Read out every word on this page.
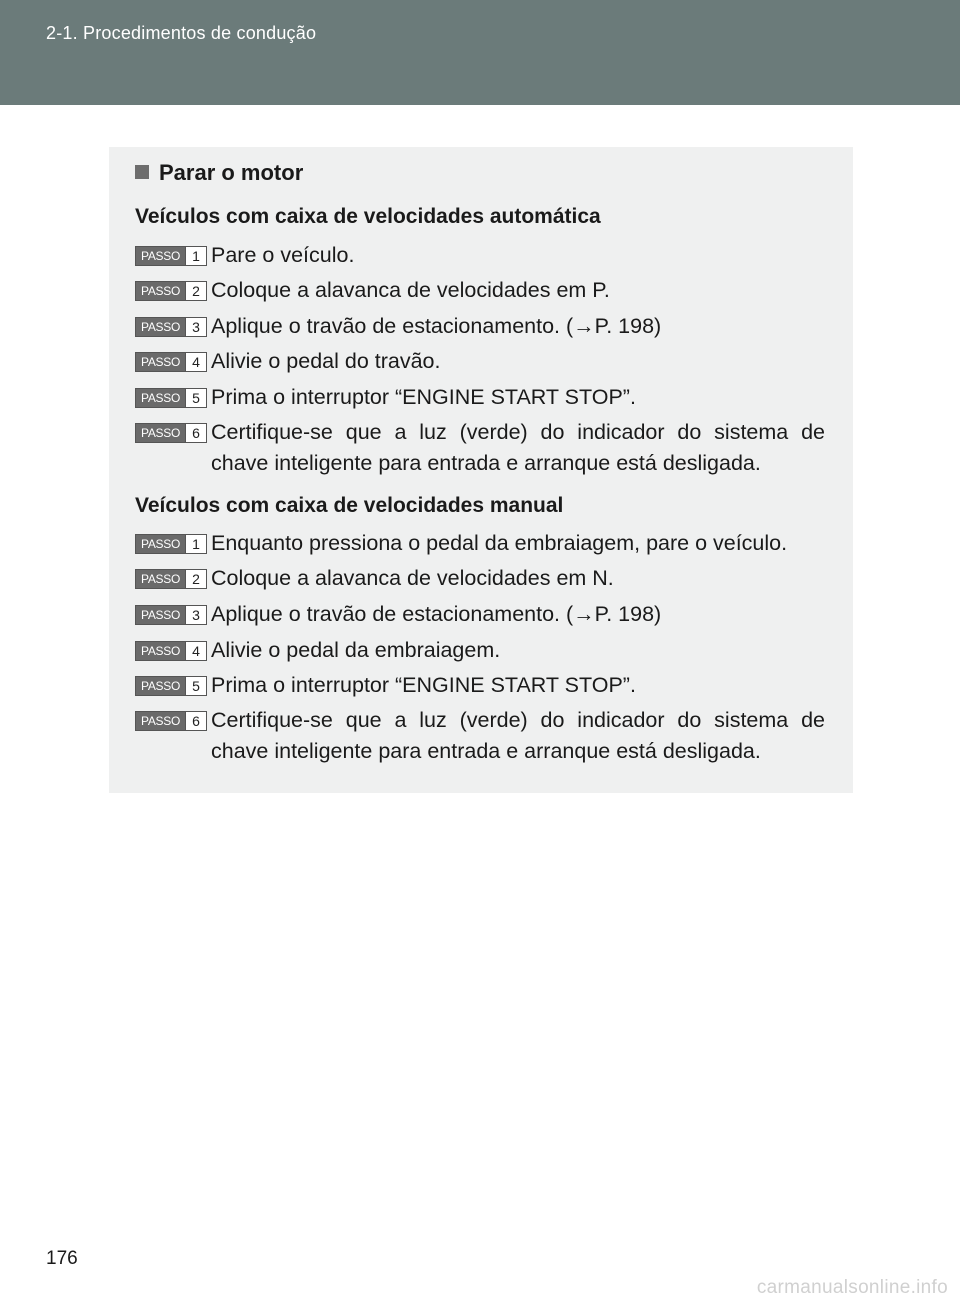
2-1. Procedimentos de condução
Parar o motor
Veículos com caixa de velocidades automática
PASSO 1 Pare o veículo.
PASSO 2 Coloque a alavanca de velocidades em P.
PASSO 3 Aplique o travão de estacionamento. (→P. 198)
PASSO 4 Alivie o pedal do travão.
PASSO 5 Prima o interruptor “ENGINE START STOP”.
PASSO 6 Certifique-se que a luz (verde) do indicador do sistema de chave inteligente para entrada e arranque está desligada.
Veículos com caixa de velocidades manual
PASSO 1 Enquanto pressiona o pedal da embraiagem, pare o veículo.
PASSO 2 Coloque a alavanca de velocidades em N.
PASSO 3 Aplique o travão de estacionamento. (→P. 198)
PASSO 4 Alivie o pedal da embraiagem.
PASSO 5 Prima o interruptor “ENGINE START STOP”.
PASSO 6 Certifique-se que a luz (verde) do indicador do sistema de chave inteligente para entrada e arranque está desligada.
176
carmanualsonline.info
